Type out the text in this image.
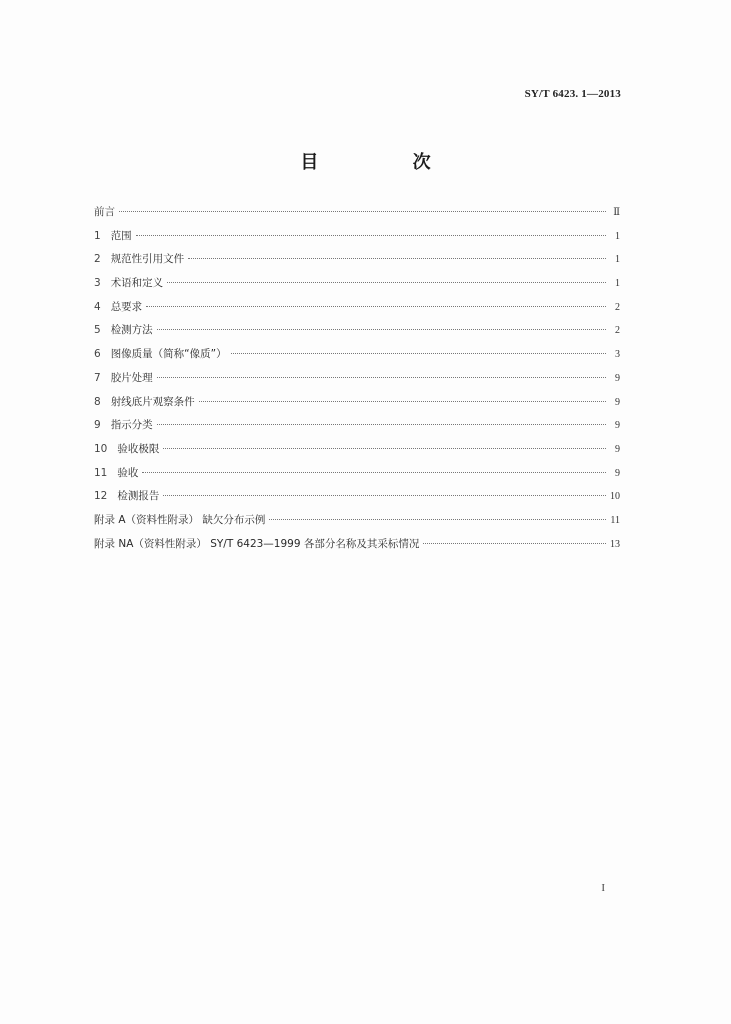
SY/T 6423. 1—2013
目 次
前言	Ⅱ
1 范围	1
2 规范性引用文件	1
3 术语和定义	1
4 总要求	2
5 检测方法	2
6 图像质量（简称“像质”）	3
7 胶片处理	9
8 射线底片观察条件	9
9 指示分类	9
10 验收极限	9
11 验收	9
12 检测报告	10
附录 A（资料性附录） 缺欠分布示例	11
附录 NA（资料性附录） SY/T 6423—1999 各部分名称及其采标情况	13
I
